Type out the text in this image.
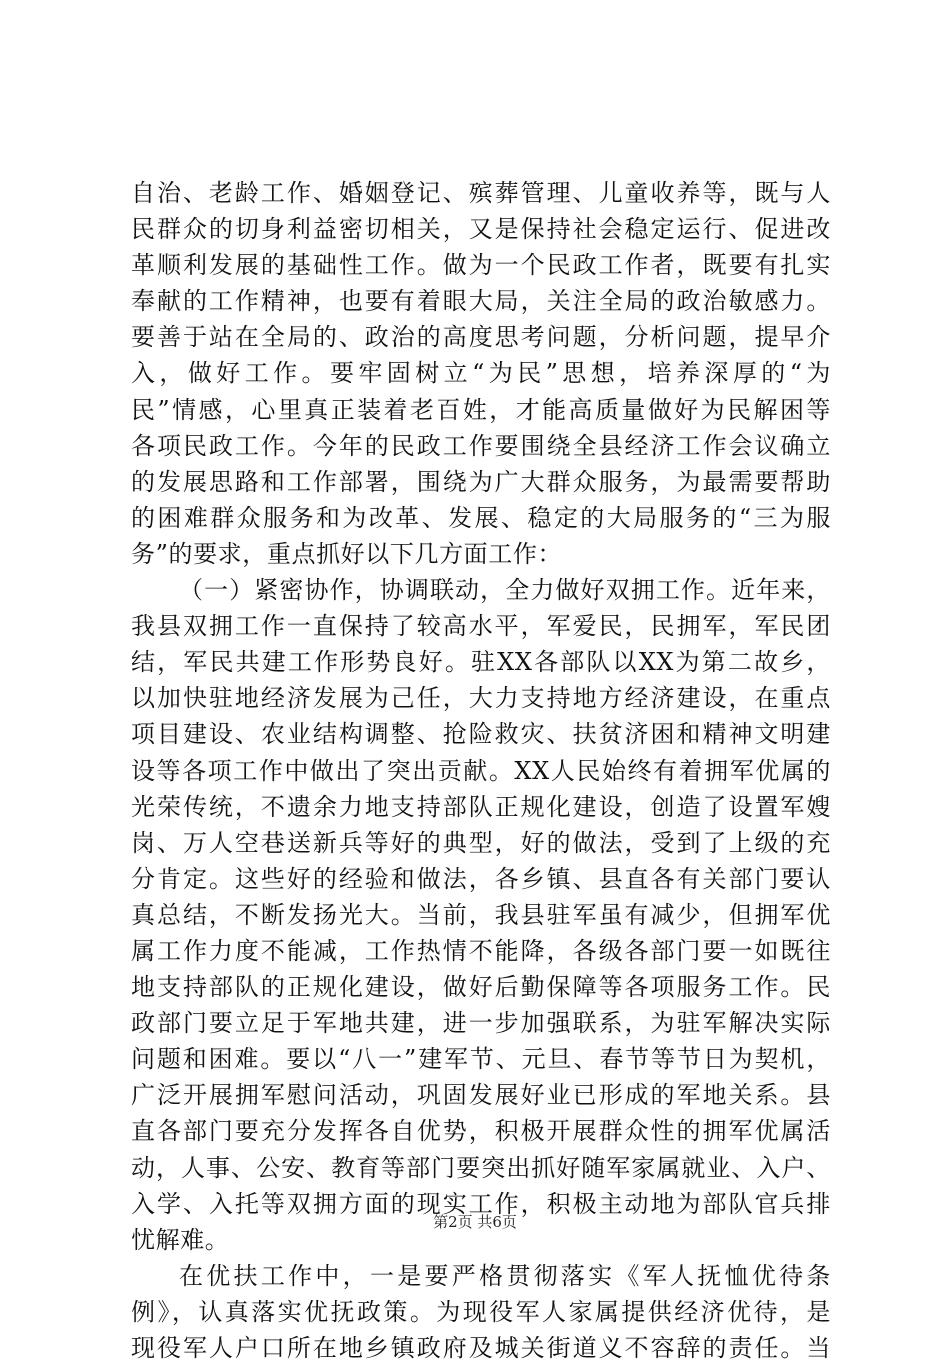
自治、老龄工作、婚姻登记、殡葬管理、儿童收养等，既与人
民群众的切身利益密切相关，又是保持社会稳定运行、促进改
革顺利发展的基础性工作。做为一个民政工作者，既要有扎实
奉献的工作精神，也要有着眼大局，关注全局的政治敏感力。
要善于站在全局的、政治的高度思考问题，分析问题，提早介
入，做好工作。要牢固树立“为民”思想，培养深厚的“为
民”情感，心里真正装着老百姓，才能高质量做好为民解困等
各项民政工作。今年的民政工作要围绕全县经济工作会议确立
的发展思路和工作部署，围绕为广大群众服务，为最需要帮助
的困难群众服务和为改革、发展、稳定的大局服务的“三为服
务”的要求，重点抓好以下几方面工作：
（一）紧密协作，协调联动，全力做好双拥工作。近年来，
我县双拥工作一直保持了较高水平，军爱民，民拥军，军民团
结，军民共建工作形势良好。驻XX各部队以XX为第二故乡，
以加快驻地经济发展为己任，大力支持地方经济建设，在重点
项目建设、农业结构调整、抢险救灾、扶贫济困和精神文明建
设等各项工作中做出了突出贡献。XX人民始终有着拥军优属的
光荣传统，不遗余力地支持部队正规化建设，创造了设置军嫂
岗、万人空巷送新兵等好的典型，好的做法，受到了上级的充
分肯定。这些好的经验和做法，各乡镇、县直各有关部门要认
真总结，不断发扬光大。当前，我县驻军虽有减少，但拥军优
属工作力度不能减，工作热情不能降，各级各部门要一如既往
地支持部队的正规化建设，做好后勤保障等各项服务工作。民
政部门要立足于军地共建，进一步加强联系，为驻军解决实际
问题和困难。要以“八一”建军节、元旦、春节等节日为契机，
广泛开展拥军慰问活动，巩固发展好业已形成的军地关系。县
直各部门要充分发挥各自优势，积极开展群众性的拥军优属活
动，人事、公安、教育等部门要突出抓好随军家属就业、入户、
入学、入托等双拥方面的现实工作，积极主动地为部队官兵排
忧解难。
在优扶工作中，一是要严格贯彻落实《军人抚恤优待条
例》，认真落实优抚政策。为现役军人家属提供经济优待，是
现役军人户口所在地乡镇政府及城关街道义不容辞的责任。当
第2页 共6页
